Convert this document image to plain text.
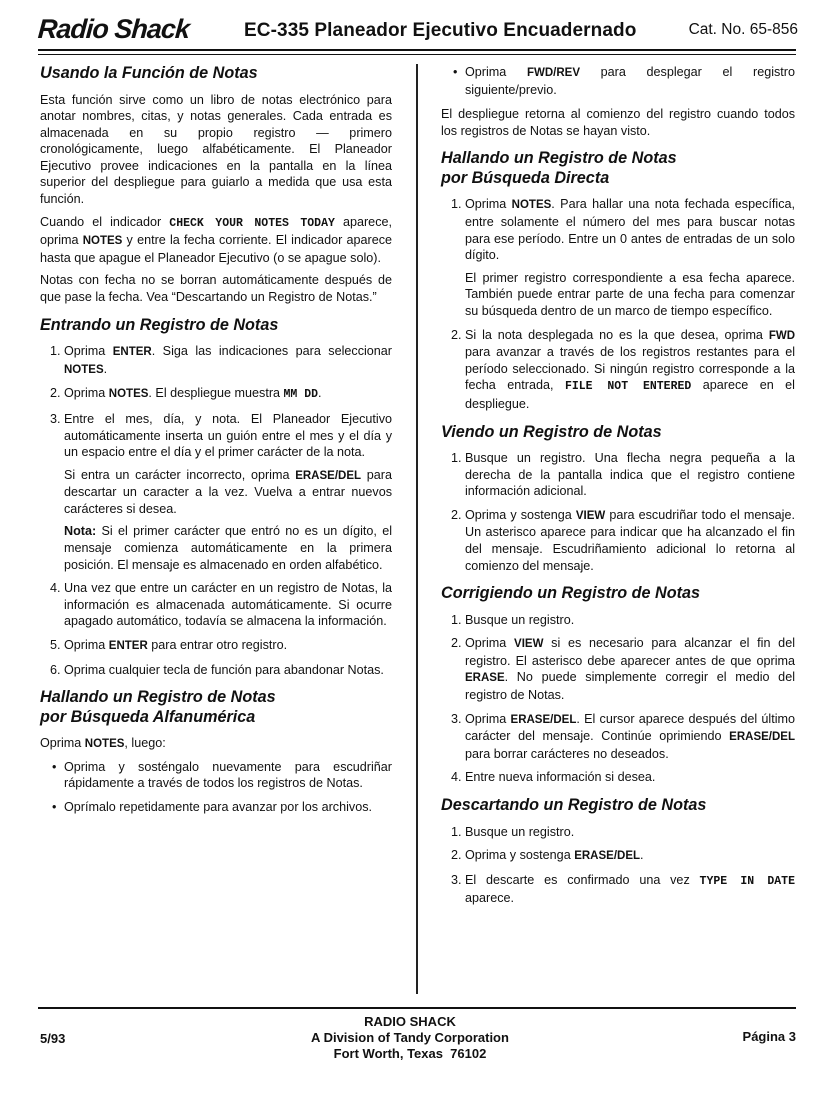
Radio Shack	EC-335 Planeador Ejecutivo Encuadernado	Cat. No. 65-856
Usando la Función de Notas

Esta función sirve como un libro de notas electrónico para anotar nombres, citas, y notas generales. Cada entrada es almacenada en su propio registro — primero cronológicamente, luego alfabéticamente. El Planeador Ejecutivo provee indicaciones en la pantalla en la línea superior del despliegue para guiarlo a medida que usa esta función.

Cuando el indicador CHECK YOUR NOTES TODAY aparece, oprima NOTES y entre la fecha corriente. El indicador aparece hasta que apague el Planeador Ejecutivo (o se apague solo).

Notas con fecha no se borran automáticamente después de que pase la fecha. Vea “Descartando un Registro de Notas.”

Entrando un Registro de Notas
1. Oprima ENTER. Siga las indicaciones para seleccionar NOTES.
2. Oprima NOTES. El despliegue muestra MM DD.

3. Entre el mes, día, y nota. El Planeador Ejecutivo automáticamente inserta un guión entre el mes y el día y un espacio entre el día y el primer carácter de la nota.

Si entra un carácter incorrecto, oprima ERASE/DEL para descartar un caracter a la vez. Vuelva a entrar nuevos carácteres si desea.

Nota: Si el primer carácter que entró no es un dígito, el mensaje comienza automáticamente en la primera posición. El mensaje es almacenado en orden alfabético.

4. Una vez que entre un carácter en un registro de Notas, la información es almacenada automáticamente. Si ocurre apagado automático, todavía se almacena la información.
5. Oprima ENTER para entrar otro registro.
6. Oprima cualquier tecla de función para abandonar Notas.
Hallando un Registro de Notas
por Búsqueda Alfanumérica

Oprima NOTES, luego:

• Oprima y sosténgalo nuevamente para escudriñar rápidamente a través de todos los registros de Notas.
• Oprímalo repetidamente para avanzar por los archivos.
• Oprima FWD/REV para desplegar el registro siguiente/previo.

El despliegue retorna al comienzo del registro cuando todos los registros de Notas se hayan visto.

Hallando un Registro de Notas
por Búsqueda Directa

1. Oprima NOTES. Para hallar una nota fechada específica, entre solamente el número del mes para buscar notas para ese período. Entre un 0 antes de entradas de un solo dígito.

El primer registro correspondiente a esa fecha aparece. También puede entrar parte de una fecha para comenzar su búsqueda dentro de un marco de tiempo específico.

2. Si la nota desplegada no es la que desea, oprima FWD para avanzar a través de los registros restantes para el período seleccionado. Si ningún registro corresponde a la fecha entrada, FILE NOT ENTERED aparece en el despliegue.
Viendo un Registro de Notas
1. Busque un registro. Una flecha negra pequeña a la derecha de la pantalla indica que el registro contiene información adicional.
2. Oprima y sostenga VIEW para escudriñar todo el mensaje. Un asterisco aparece para indicar que ha alcanzado el fin del mensaje. Escudriñamiento adicional lo retorna al comienzo del mensaje.
Corrigiendo un Registro de Notas
1. Busque un registro.
2. Oprima VIEW si es necesario para alcanzar el fin del registro. El asterisco debe aparecer antes de que oprima ERASE. No puede simplemente corregir el medio del registro de Notas.
3. Oprima ERASE/DEL. El cursor aparece después del último carácter del mensaje. Continúe oprimiendo ERASE/DEL para borrar carácteres no deseados.
4. Entre nueva información si desea.
Descartando un Registro de Notas
1. Busque un registro.
2. Oprima y sostenga ERASE/DEL.
3. El descarte es confirmado una vez TYPE IN DATE aparece.
5/93
RADIO SHACK
A Division of Tandy Corporation
Fort Worth, Texas  76102
Página 3
